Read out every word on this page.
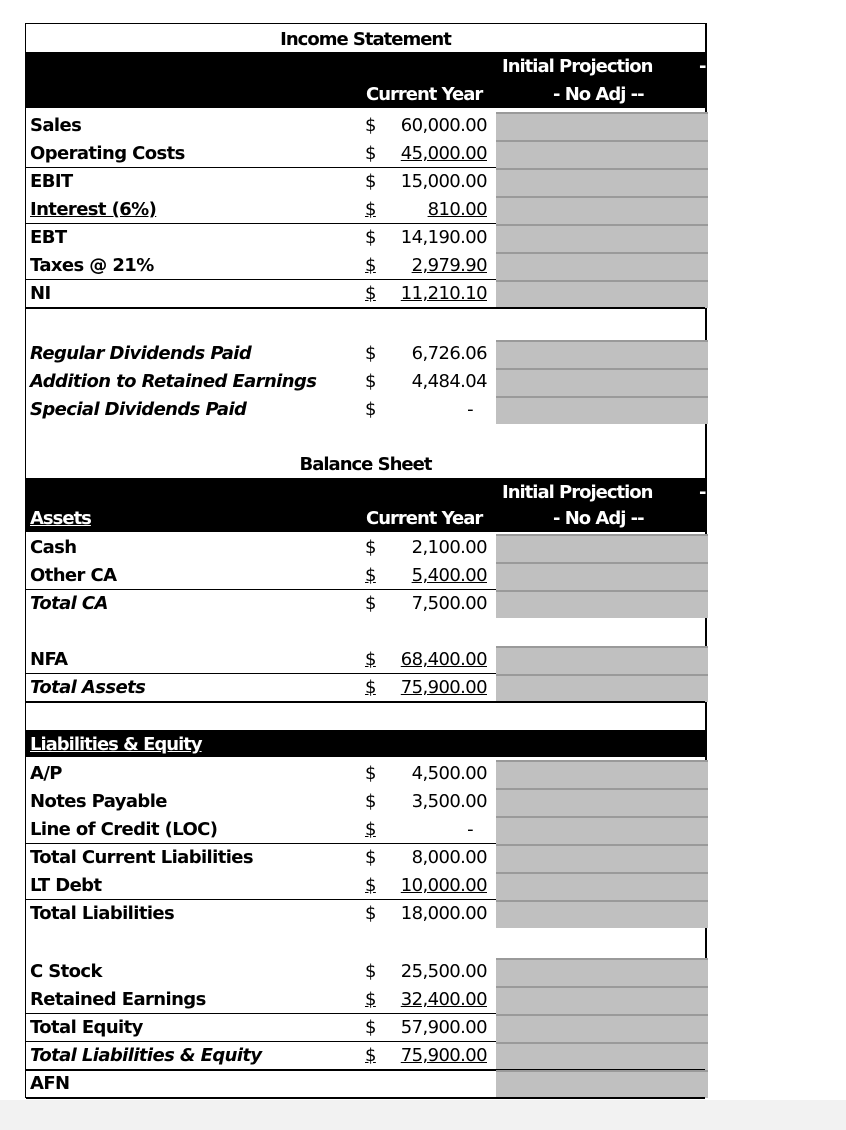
Income Statement
Initial Projection	-
Current Year	- No Adj --
Sales	$ 60,000.00
Operating Costs	$ 45,000.00
EBIT	$ 15,000.00
Interest (6%)	$	810.00
EBT	$ 14,190.00
Taxes @ 21%	$ 2,979.90
NI	$ 11,210.10
Regular Dividends Paid	$ 6,726.06
Addition to Retained Earnings	$ 4,484.04
Special Dividends Paid	$	-
Balance Sheet
Initial Projection	-
Assets	Current Year	- No Adj --
Cash	$ 2,100.00
Other CA	$ 5,400.00
Total CA	$ 7,500.00
NFA	$ 68,400.00
Total Assets	$ 75,900.00
Liabilities & Equity
A/P	$ 4,500.00
Notes Payable	$ 3,500.00
Line of Credit (LOC)	$	-
Total Current Liabilities	$ 8,000.00
LT Debt	$ 10,000.00
Total Liabilities	$ 18,000.00
C Stock	$ 25,500.00
Retained Earnings	$ 32,400.00
Total Equity	$ 57,900.00
Total Liabilities & Equity	$ 75,900.00
AFN
